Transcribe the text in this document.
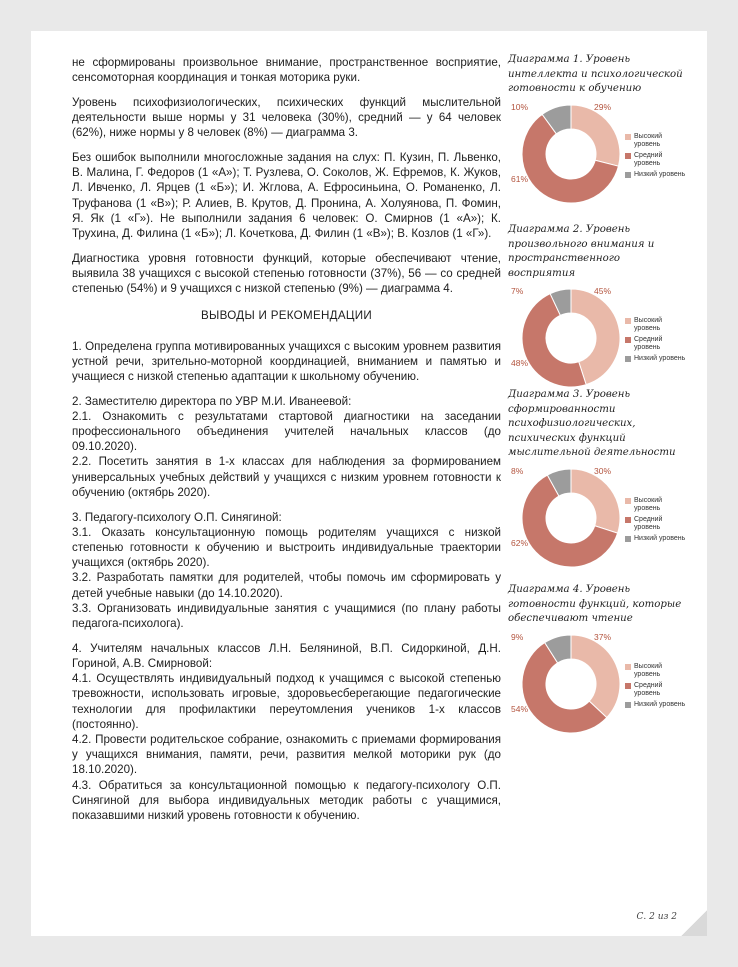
не сформированы произвольное внимание, пространственное восприятие, сенсомоторная координация и тонкая моторика руки.

Уровень психофизиологических, психических функций мыслительной деятельности выше нормы у 31 человека (30%), средний — у 64 человек (62%), ниже нормы у 8 человек (8%) — диаграмма 3.

Без ошибок выполнили многосложные задания на слух: П. Кузин, П. Львенко, В. Малина, Г. Федоров (1 «А»); Т. Рузлева, О. Соколов, Ж. Ефремов, К. Жуков, Л. Ивченко, Л. Ярцев (1 «Б»); И. Жглова, А. Ефросиньина, О. Романенко, Л. Труфанова (1 «В»); Р. Алиев, В. Крутов, Д. Пронина, А. Холуянова, П. Фомин, Я. Як (1 «Г»). Не выполнили задания 6 человек: О. Смирнов (1 «А»); К. Трухина, Д. Филина (1 «Б»); Л. Кочеткова, Д. Филин (1 «В»); В. Козлов (1 «Г»).

Диагностика уровня готовности функций, которые обеспечивают чтение, выявила 38 учащихся с высокой степенью готовности (37%), 56 — со средней степенью (54%) и 9 учащихся с низкой степенью (9%) — диаграмма 4.

ВЫВОДЫ И РЕКОМЕНДАЦИИ

1. Определена группа мотивированных учащихся с высоким уровнем развития устной речи, зрительно-моторной координацией, вниманием и памятью и учащиеся с низкой степенью адаптации к школьному обучению.

2. Заместителю директора по УВР М.И. Иванеевой:
2.1. Ознакомить с результатами стартовой диагностики на заседании профессионального объединения учителей начальных классов (до 09.10.2020).
2.2. Посетить занятия в 1-х классах для наблюдения за формированием универсальных учебных действий у учащихся с низким уровнем готовности к обучению (октябрь 2020).
3. Педагогу-психологу О.П. Синягиной:
3.1. Оказать консультационную помощь родителям учащихся с низкой степенью готовности к обучению и выстроить индивидуальные траектории учащихся (октябрь 2020).
3.2. Разработать памятки для родителей, чтобы помочь им сформировать у детей учебные навыки (до 14.10.2020).
3.3. Организовать индивидуальные занятия с учащимися (по плану работы педагога-психолога).
4. Учителям начальных классов Л.Н. Беляниной, В.П. Сидоркиной, Д.Н. Гориной, А.В. Смирновой:
4.1. Осуществлять индивидуальный подход к учащимся с высокой степенью тревожности, использовать игровые, здоровьесберегающие педагогические технологии для профилактики переутомления учеников 1-х классов (постоянно).
4.2. Провести родительское собрание, ознакомить с приемами формирования у учащихся внимания, памяти, речи, развития мелкой моторики рук (до 18.10.2020).
4.3. Обратиться за консультационной помощью к педагогу-психологу О.П. Синягиной для выбора индивидуальных методик работы с учащимися, показавшими низкий уровень готовности к обучению.
Диаграмма 1. Уровень интеллекта и психологической готовности к обучению
29%
61%
10%
Высокий уровень
Средний уровень
Низкий уровень
Диаграмма 2. Уровень произвольного внимания и пространственного восприятия
45%
48%
7%
Высокий уровень
Средний уровень
Низкий уровень
Диаграмма 3. Уровень сформированности психофизиологических, психических функций мыслительной деятельности
30%
62%
8%
Высокий уровень
Средний уровень
Низкий уровень
Диаграмма 4. Уровень готовности функций, которые обеспечивают чтение
37%
54%
9%
Высокий уровень
Средний уровень
Низкий уровень
С. 2 из 2
